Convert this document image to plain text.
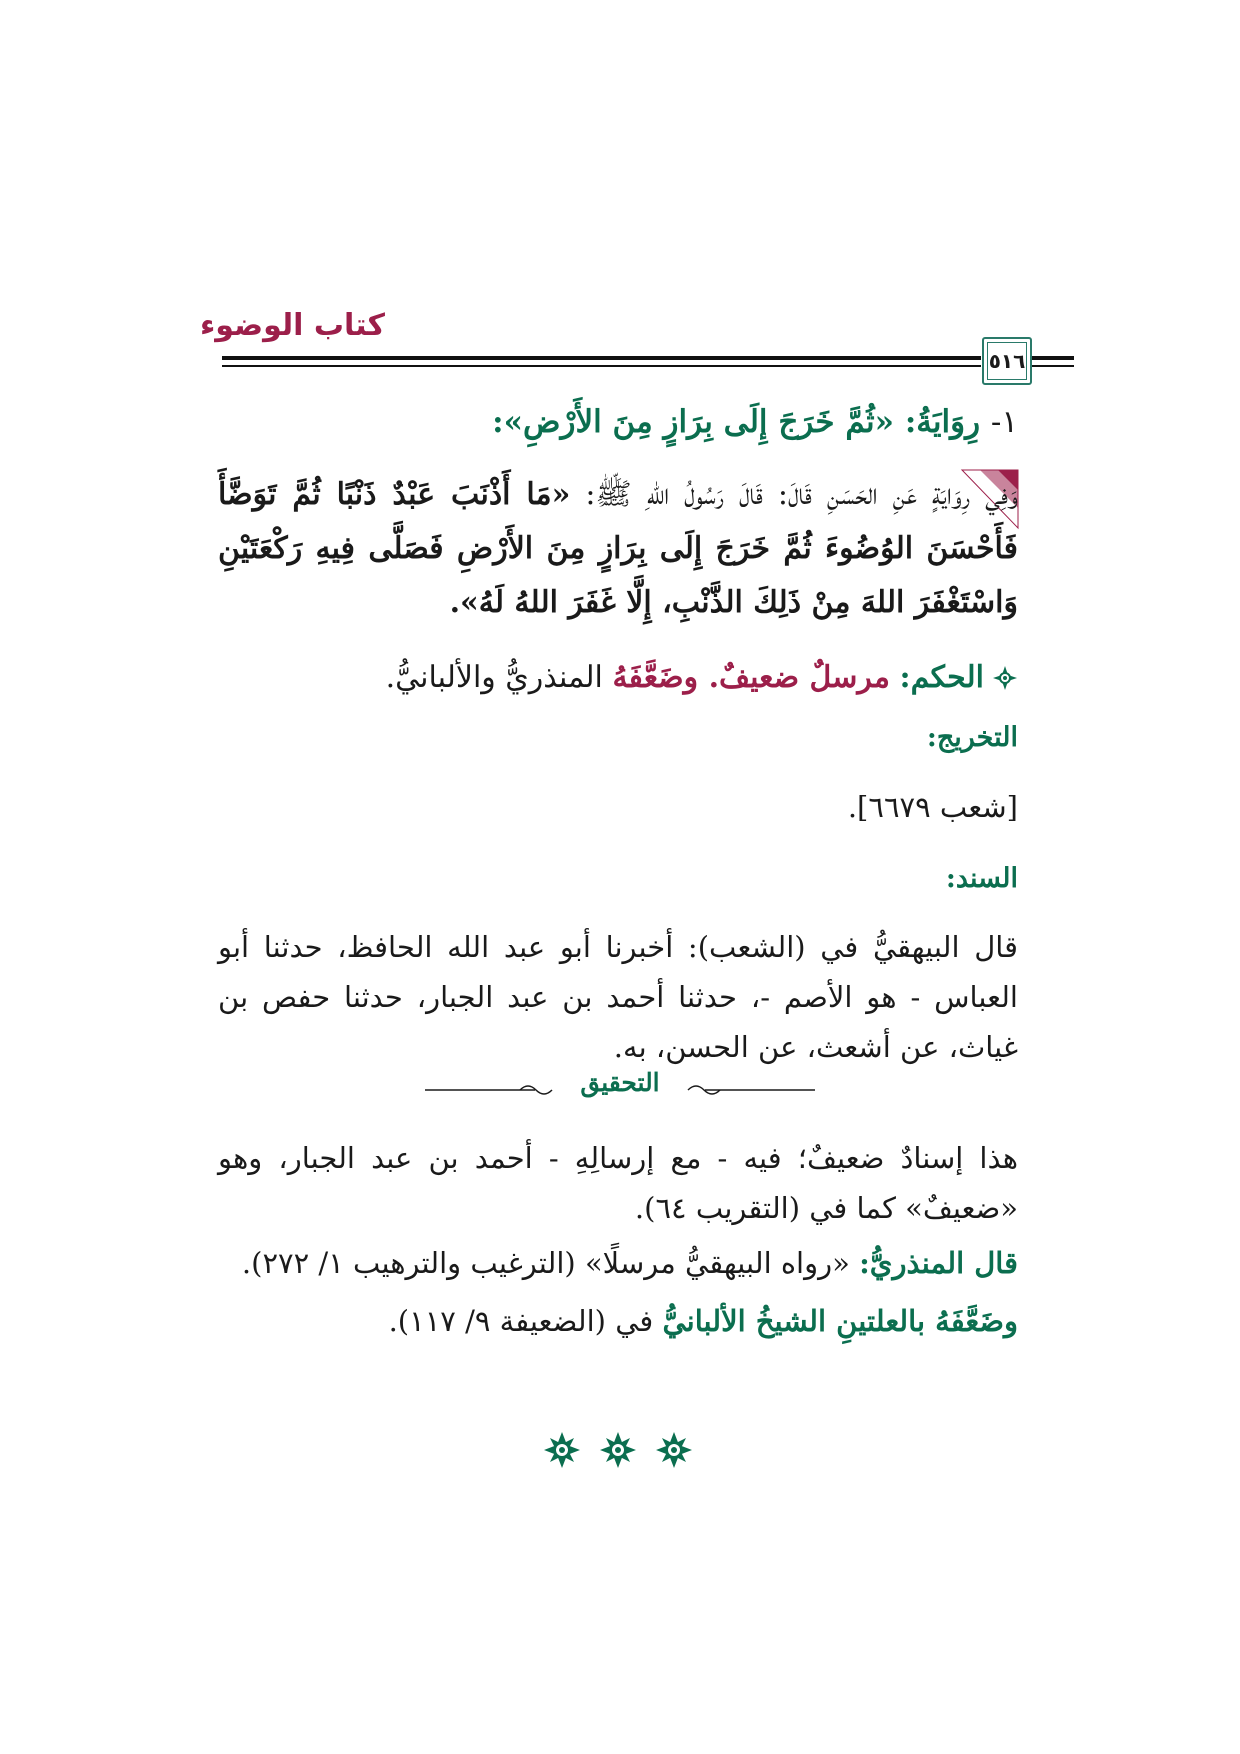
كتاب الوضوء
٥١٦
١- رِوَايَةُ: «ثُمَّ خَرَجَ إِلَى بِرَازٍ مِنَ الأَرْضِ»:
وَفِي رِوَايَةٍ عَنِ الحَسَنِ قَالَ: قَالَ رَسُولُ اللهِ ﷺ: «مَا أَذْنَبَ عَبْدٌ ذَنْبًا ثُمَّ تَوَضَّأَ فَأَحْسَنَ الوُضُوءَ ثُمَّ خَرَجَ إِلَى بِرَازٍ مِنَ الأَرْضِ فَصَلَّى فِيهِ رَكْعَتَيْنِ وَاسْتَغْفَرَ اللهَ مِنْ ذَلِكَ الذَّنْبِ، إِلَّا غَفَرَ اللهُ لَهُ».
الحكم: مرسلٌ ضعيفٌ. وضَعَّفَهُ المنذريُّ والألبانيُّ.
التخريج:
[شعب ٦٦٧٩].
السند:
قال البيهقيُّ في (الشعب): أخبرنا أبو عبد الله الحافظ، حدثنا أبو العباس - هو الأصم -، حدثنا أحمد بن عبد الجبار، حدثنا حفص بن غياث، عن أشعث، عن الحسن، به.
التحقيق
هذا إسنادٌ ضعيفٌ؛ فيه - مع إرسالِهِ - أحمد بن عبد الجبار، وهو «ضعيفٌ» كما في (التقريب ٦٤).
قال المنذريُّ: «رواه البيهقيُّ مرسلًا» (الترغيب والترهيب ١/ ٢٧٢).
وضَعَّفَهُ بالعلتينِ الشيخُ الألبانيُّ في (الضعيفة ٩/ ١١٧).
